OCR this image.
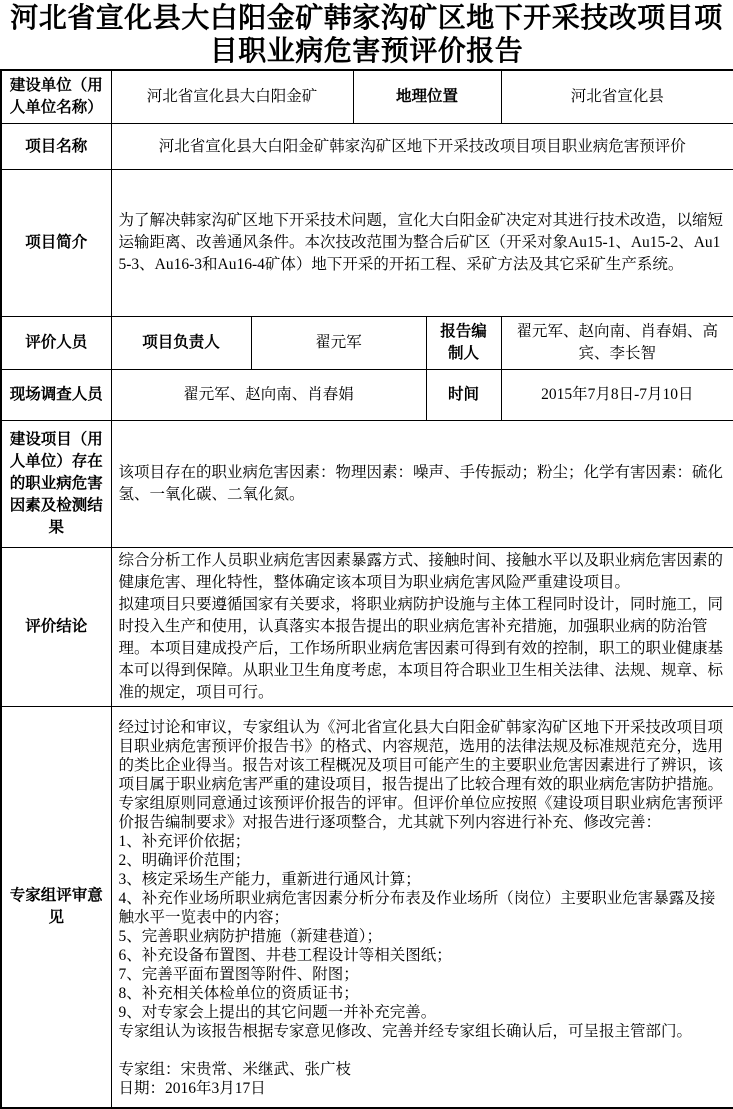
河北省宣化县大白阳金矿韩家沟矿区地下开采技改项目项目职业病危害预评价报告
建设单位（用人单位名称）	河北省宣化县大白阳金矿		地理位置		河北省宣化县
项目名称	河北省宣化县大白阳金矿韩家沟矿区地下开采技改项目项目职业病危害预评价				
项目简介	为了解决韩家沟矿区地下开采技术问题，宣化大白阳金矿决定对其进行技术改造，以缩短运输距离、改善通风条件。本次技改范围为整合后矿区（开采对象Au15-1、Au15-2、Au15-3、Au16-3和Au16-4矿体）地下开采的开拓工程、采矿方法及其它采矿生产系统。				
评价人员	项目负责人	翟元军		报告编制人	翟元军、赵向南、肖春娟、高宾、李长智
现场调查人员	翟元军、赵向南、肖春娟			时间	2015年7月8日-7月10日
建设项目（用人单位）存在的职业病危害因素及检测结果	该项目存在的职业病危害因素：物理因素：噪声、手传振动；粉尘；化学有害因素：硫化氢、一氧化碳、二氧化氮。				
评价结论	综合分析工作人员职业病危害因素暴露方式、接触时间、接触水平以及职业病危害因素的健康危害、理化特性，整体确定该本项目为职业病危害风险严重建设项目。

拟建项目只要遵循国家有关要求，将职业病防护设施与主体工程同时设计，同时施工，同时投入生产和使用，认真落实本报告提出的职业病危害补充措施，加强职业病的防治管理。本项目建成投产后，工作场所职业病危害因素可得到有效的控制，职工的职业健康基本可以得到保障。从职业卫生角度考虑，本项目符合职业卫生相关法律、法规、规章、标准的规定，项目可行。				

专家组评审意见	
经过讨论和审议，专家组认为《河北省宣化县大白阳金矿韩家沟矿区地下开采技改项目项目职业病危害预评价报告书》的格式、内容规范，选用的法律法规及标准规范充分，选用的类比企业得当。报告对该工程概况及项目可能产生的主要职业危害因素进行了辨识，该项目属于职业病危害严重的建设项目，报告提出了比较合理有效的职业病危害防护措施。专家组原则同意通过该预评价报告的评审。但评价单位应按照《建设项目职业病危害预评价报告编制要求》对报告进行逐项整合，尤其就下列内容进行补充、修改完善：
1、补充评价依据；
2、明确评价范围；
3、核定采场生产能力，重新进行通风计算；
4、补充作业场所职业病危害因素分析分布表及作业场所（岗位）主要职业危害暴露及接触水平一览表中的内容；
5、完善职业病防护措施（新建巷道）；
6、补充设备布置图、井巷工程设计等相关图纸；
7、完善平面布置图等附件、附图；
8、补充相关体检单位的资质证书；
9、对专家会上提出的其它问题一并补充完善。
专家组认为该报告根据专家意见修改、完善并经专家组长确认后，可呈报主管部门。
专家组：宋贵常、米继武、张广枝
日期：2016年3月17日
